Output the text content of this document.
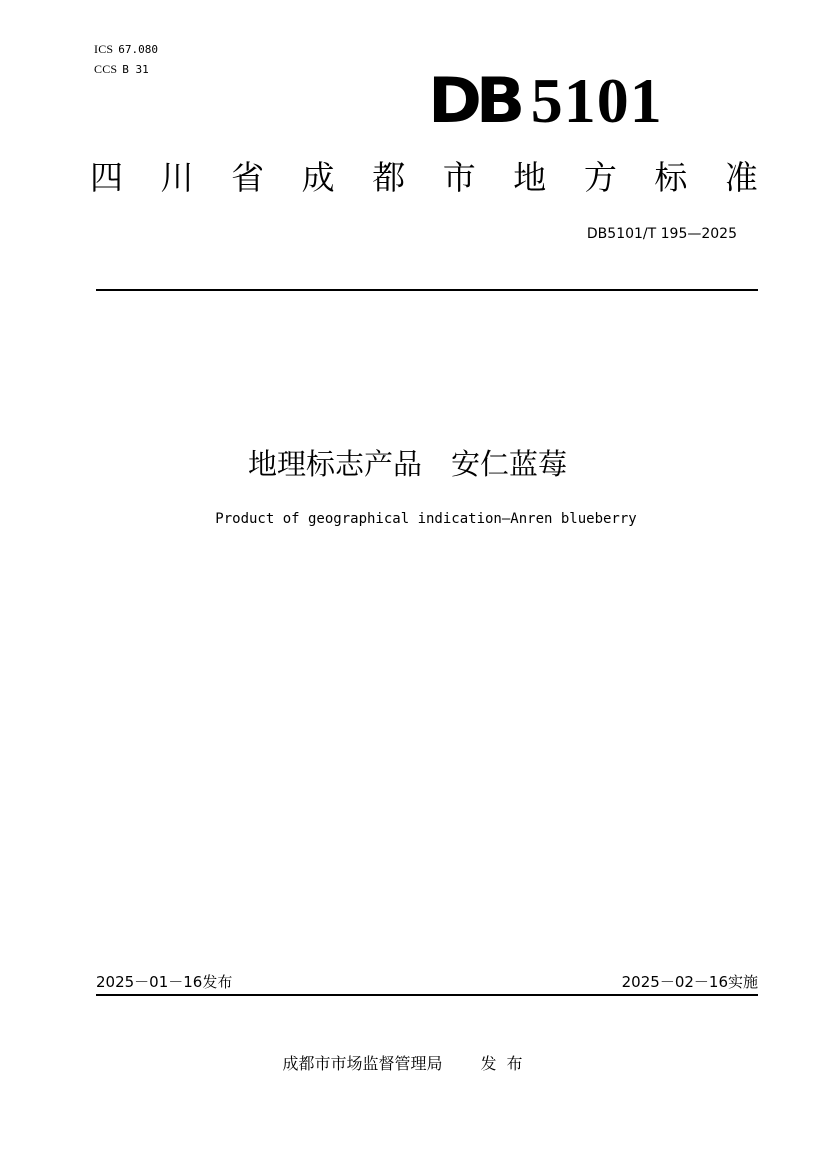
ICS 67.080
CCS B 31	DB 5101
四 川 省 成 都 市 地 方 标 准
DB5101/T 195—2025
地理标志产品　安仁蓝莓
Product of geographical indication—Anren blueberry
2025－01－16发布	2025－02－16实施
成都市市场监督管理局 发布
